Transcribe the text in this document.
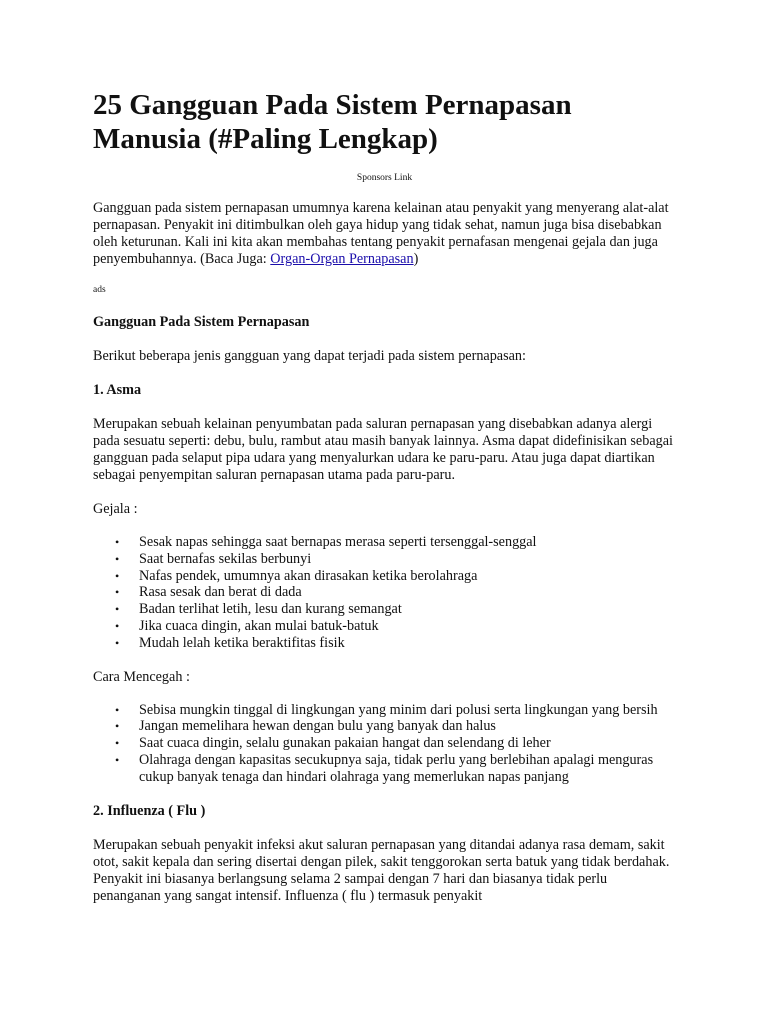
25 Gangguan Pada Sistem Pernapasan Manusia (#Paling Lengkap)
Sponsors Link

Gangguan pada sistem pernapasan umumnya karena kelainan atau penyakit yang menyerang alat-alat pernapasan. Penyakit ini ditimbulkan oleh gaya hidup yang tidak sehat, namun juga bisa disebabkan oleh keturunan. Kali ini kita akan membahas tentang penyakit pernafasan mengenai gejala dan juga penyembuhannya. (Baca Juga: Organ-Organ Pernapasan)

ads

Gangguan Pada Sistem Pernapasan

Berikut beberapa jenis gangguan yang dapat terjadi pada sistem pernapasan:

1. Asma

Merupakan sebuah kelainan penyumbatan pada saluran pernapasan yang disebabkan adanya alergi pada sesuatu seperti: debu, bulu, rambut atau masih banyak lainnya. Asma dapat didefinisikan sebagai gangguan pada selaput pipa udara yang menyalurkan udara ke paru-paru. Atau juga dapat diartikan sebagai penyempitan saluran pernapasan utama pada paru-paru.

Gejala :

• Sesak napas sehingga saat bernapas merasa seperti tersenggal-senggal
• Saat bernafas sekilas berbunyi
• Nafas pendek, umumnya akan dirasakan ketika berolahraga
• Rasa sesak dan berat di dada
• Badan terlihat letih, lesu dan kurang semangat
• Jika cuaca dingin, akan mulai batuk-batuk
• Mudah lelah ketika beraktifitas fisik

Cara Mencegah :

• Sebisa mungkin tinggal di lingkungan yang minim dari polusi serta lingkungan yang bersih
• Jangan memelihara hewan dengan bulu yang banyak dan halus
• Saat cuaca dingin, selalu gunakan pakaian hangat dan selendang di leher
• Olahraga dengan kapasitas secukupnya saja, tidak perlu yang berlebihan apalagi menguras cukup banyak tenaga dan hindari olahraga yang memerlukan napas panjang

2. Influenza ( Flu )

Merupakan sebuah penyakit infeksi akut saluran pernapasan yang ditandai adanya rasa demam, sakit otot, sakit kepala dan sering disertai dengan pilek, sakit tenggorokan serta batuk yang tidak berdahak. Penyakit ini biasanya berlangsung selama 2 sampai dengan 7 hari dan biasanya tidak perlu penanganan yang sangat intensif. Influenza ( flu ) termasuk penyakit
